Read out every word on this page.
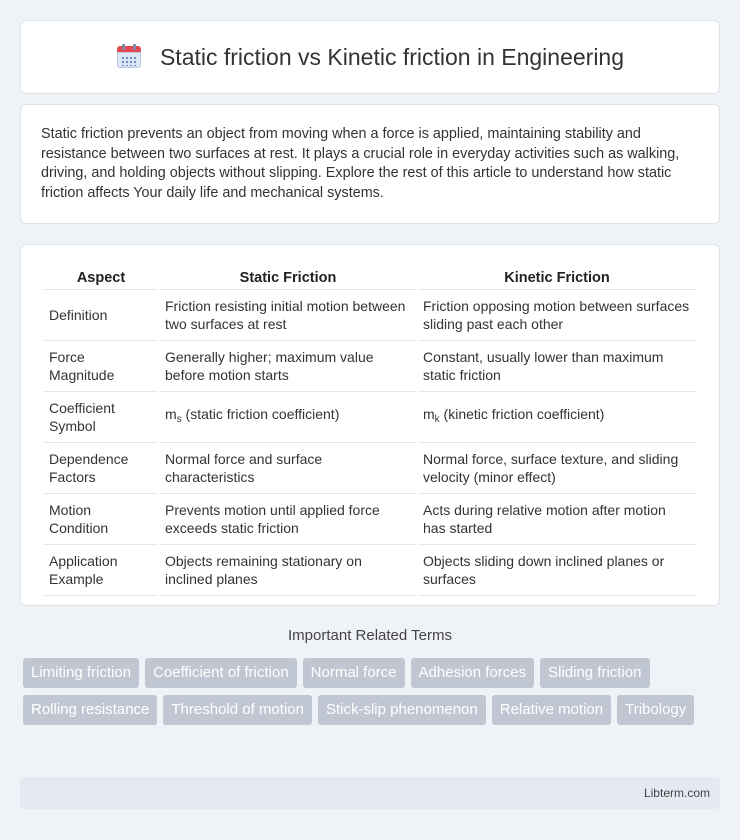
Static friction vs Kinetic friction in Engineering

Static friction prevents an object from moving when a force is applied, maintaining stability and resistance between two surfaces at rest. It plays a crucial role in everyday activities such as walking, driving, and holding objects without slipping. Explore the rest of this article to understand how static friction affects Your daily life and mechanical systems.

Aspect	Static Friction	Kinetic Friction
Definition	Friction resisting initial motion between two surfaces at rest	Friction opposing motion between surfaces sliding past each other
Force Magnitude	Generally higher; maximum value before motion starts	Constant, usually lower than maximum static friction
Coefficient Symbol	$m_s$ (static friction coefficient)	$m_k$ (kinetic friction coefficient)
Dependence Factors	Normal force and surface characteristics	Normal force, surface texture, and sliding velocity (minor effect)
Motion Condition	Prevents motion until applied force exceeds static friction	Acts during relative motion after motion has started
Application Example	Objects remaining stationary on inclined planes	Objects sliding down inclined planes or surfaces
Important Related Terms
Limiting friction	Coefficient of friction	Normal force	Adhesion forces	Sliding friction
Rolling resistance	Threshold of motion	Stick-slip phenomenon	Relative motion	Tribology
Libterm.com
